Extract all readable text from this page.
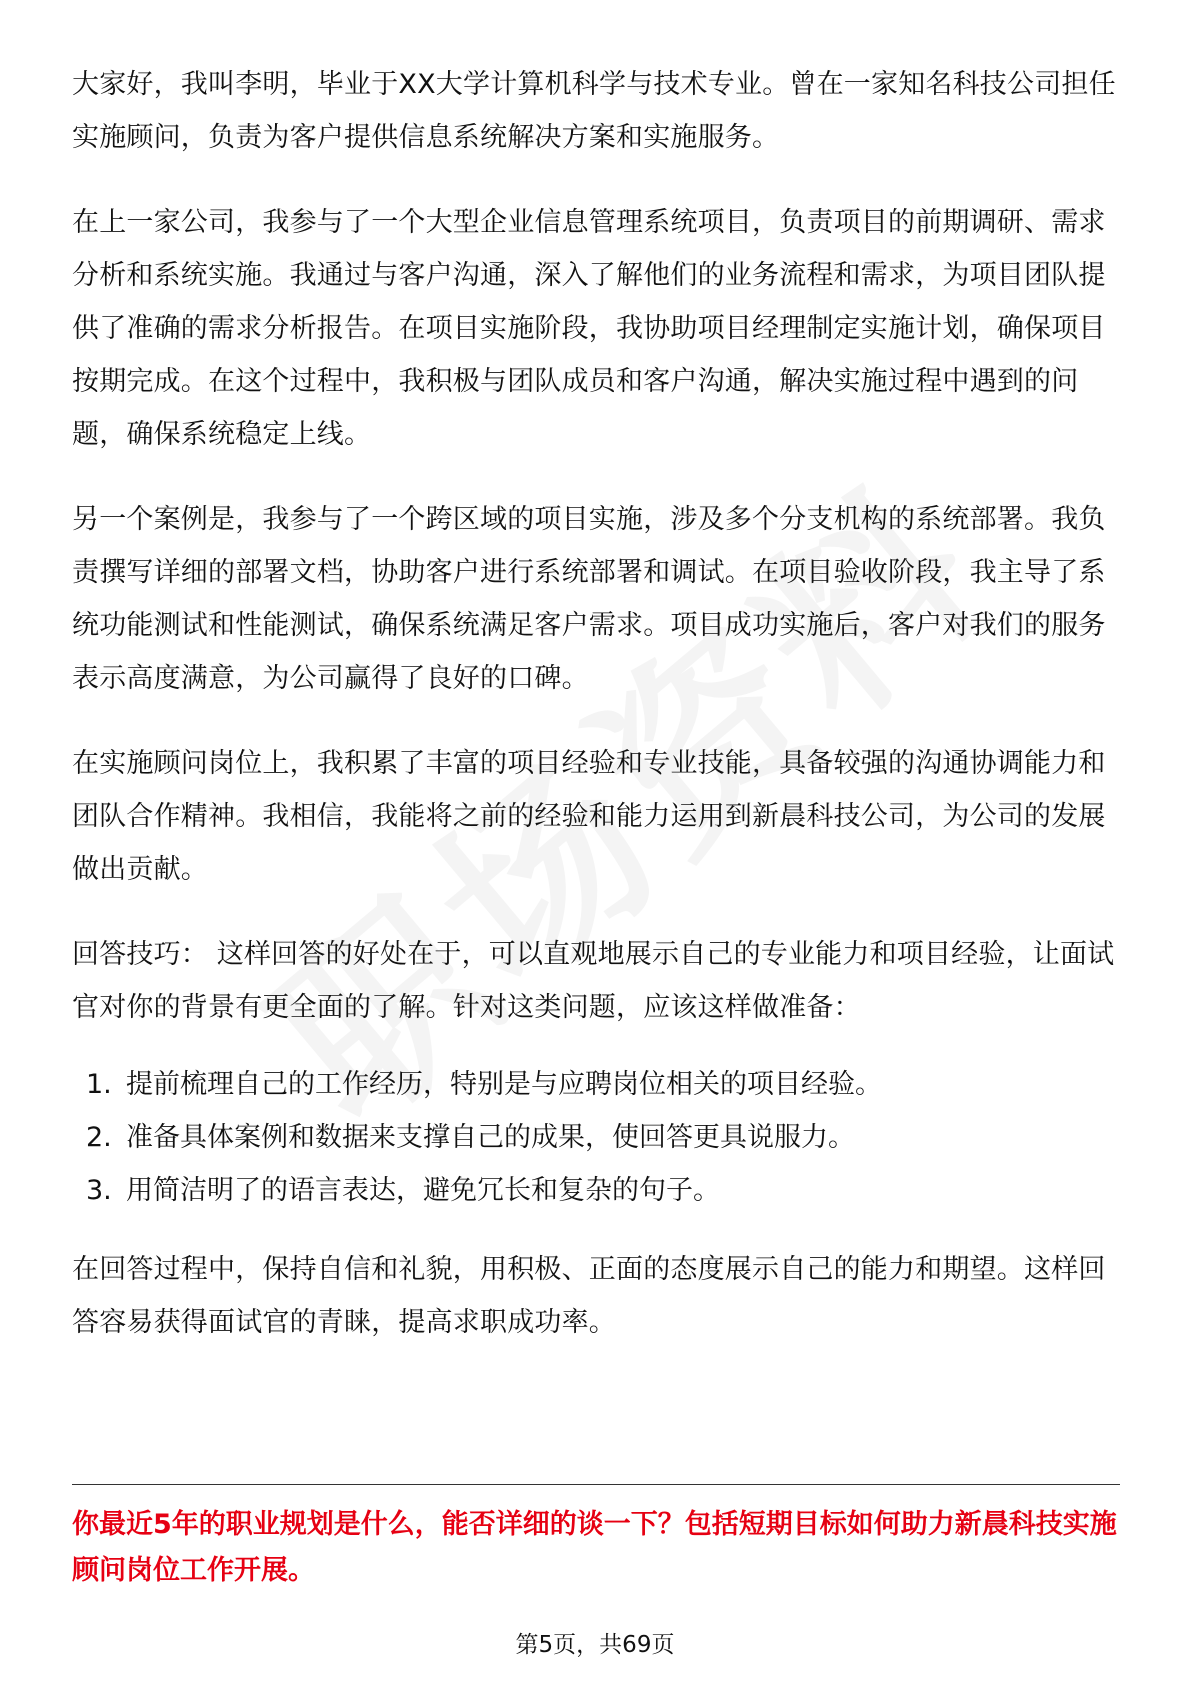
大家好，我叫李明，毕业于XX大学计算机科学与技术专业。曾在一家知名科技公司担任实施顾问，负责为客户提供信息系统解决方案和实施服务。

在上一家公司，我参与了一个大型企业信息管理系统项目，负责项目的前期调研、需求分析和系统实施。我通过与客户沟通，深入了解他们的业务流程和需求，为项目团队提供了准确的需求分析报告。在项目实施阶段，我协助项目经理制定实施计划，确保项目按期完成。在这个过程中，我积极与团队成员和客户沟通，解决实施过程中遇到的问题，确保系统稳定上线。

另一个案例是，我参与了一个跨区域的项目实施，涉及多个分支机构的系统部署。我负责撰写详细的部署文档，协助客户进行系统部署和调试。在项目验收阶段，我主导了系统功能测试和性能测试，确保系统满足客户需求。项目成功实施后，客户对我们的服务表示高度满意，为公司赢得了良好的口碑。

在实施顾问岗位上，我积累了丰富的项目经验和专业技能，具备较强的沟通协调能力和团队合作精神。我相信，我能将之前的经验和能力运用到新晨科技公司，为公司的发展做出贡献。

回答技巧： 这样回答的好处在于，可以直观地展示自己的专业能力和项目经验，让面试官对你的背景有更全面的了解。针对这类问题，应该这样做准备：

1. 提前梳理自己的工作经历，特别是与应聘岗位相关的项目经验。
2. 准备具体案例和数据来支撑自己的成果，使回答更具说服力。
3. 用简洁明了的语言表达，避免冗长和复杂的句子。

在回答过程中，保持自信和礼貌，用积极、正面的态度展示自己的能力和期望。这样回答容易获得面试官的青睐，提高求职成功率。

你最近5年的职业规划是什么，能否详细的谈一下？包括短期目标如何助力新晨科技实施顾问岗位工作开展。

第5页，共69页
